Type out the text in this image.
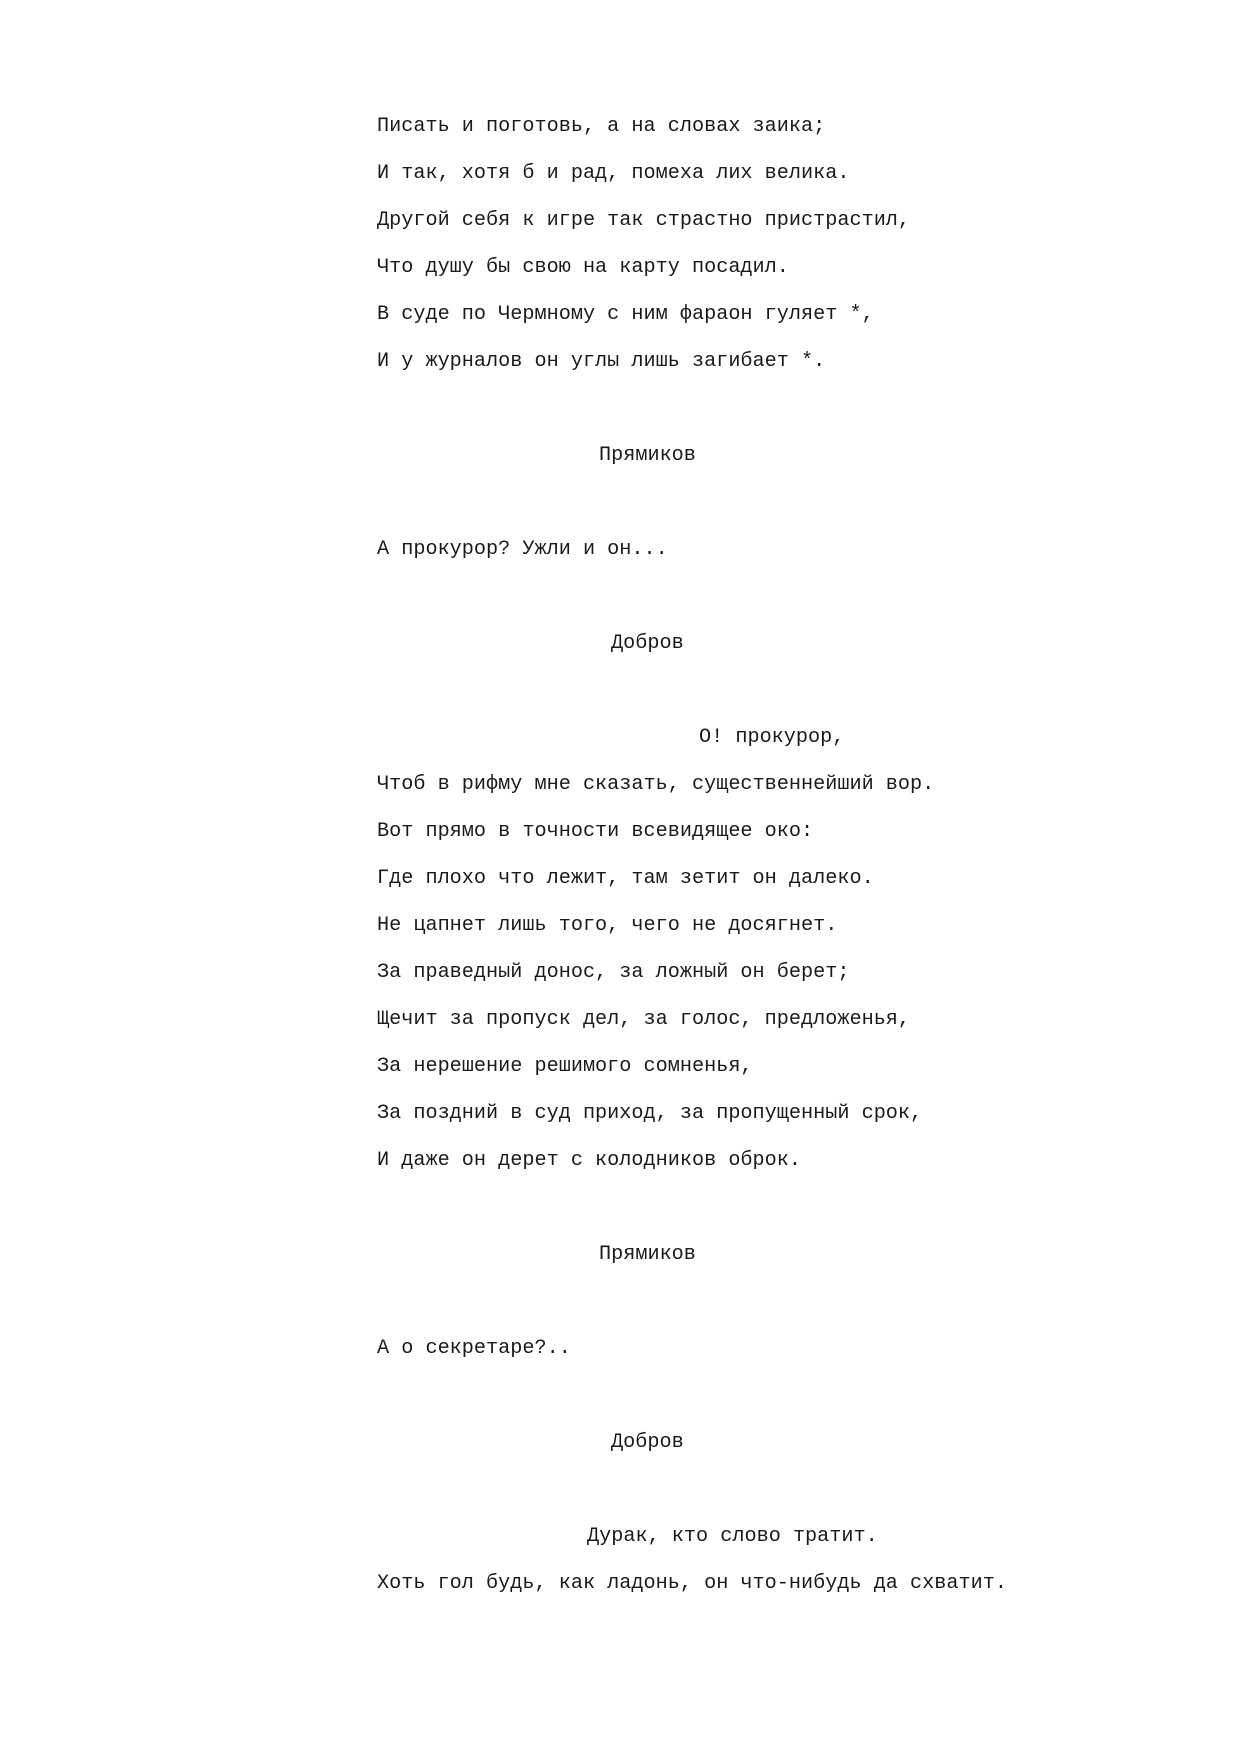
Писать и поготовь, а на словах заика;
И так, хотя б и рад, помеха лих велика.
Другой себя к игре так страстно пристрастил,
Что душу бы свою на карту посадил.
В суде по Чермному с ним фараон гуляет *,
И у журналов он углы лишь загибает *.
Прямиков
А прокурор? Ужли и он...
Добров
О! прокурор,
Чтоб в рифму мне сказать, существеннейший вор.
Вот прямо в точности всевидящее око:
Где плохо что лежит, там зетит он далеко.
Не цапнет лишь того, чего не досягнет.
За праведный донос, за ложный он берет;
Щечит за пропуск дел, за голос, предложенья,
За нерешение решимого сомненья,
За поздний в суд приход, за пропущенный срок,
И даже он дерет с колодников оброк.
Прямиков
А о секретаре?..
Добров
Дурак, кто слово тратит.
Хоть гол будь, как ладонь, он что-нибудь да схватит.
